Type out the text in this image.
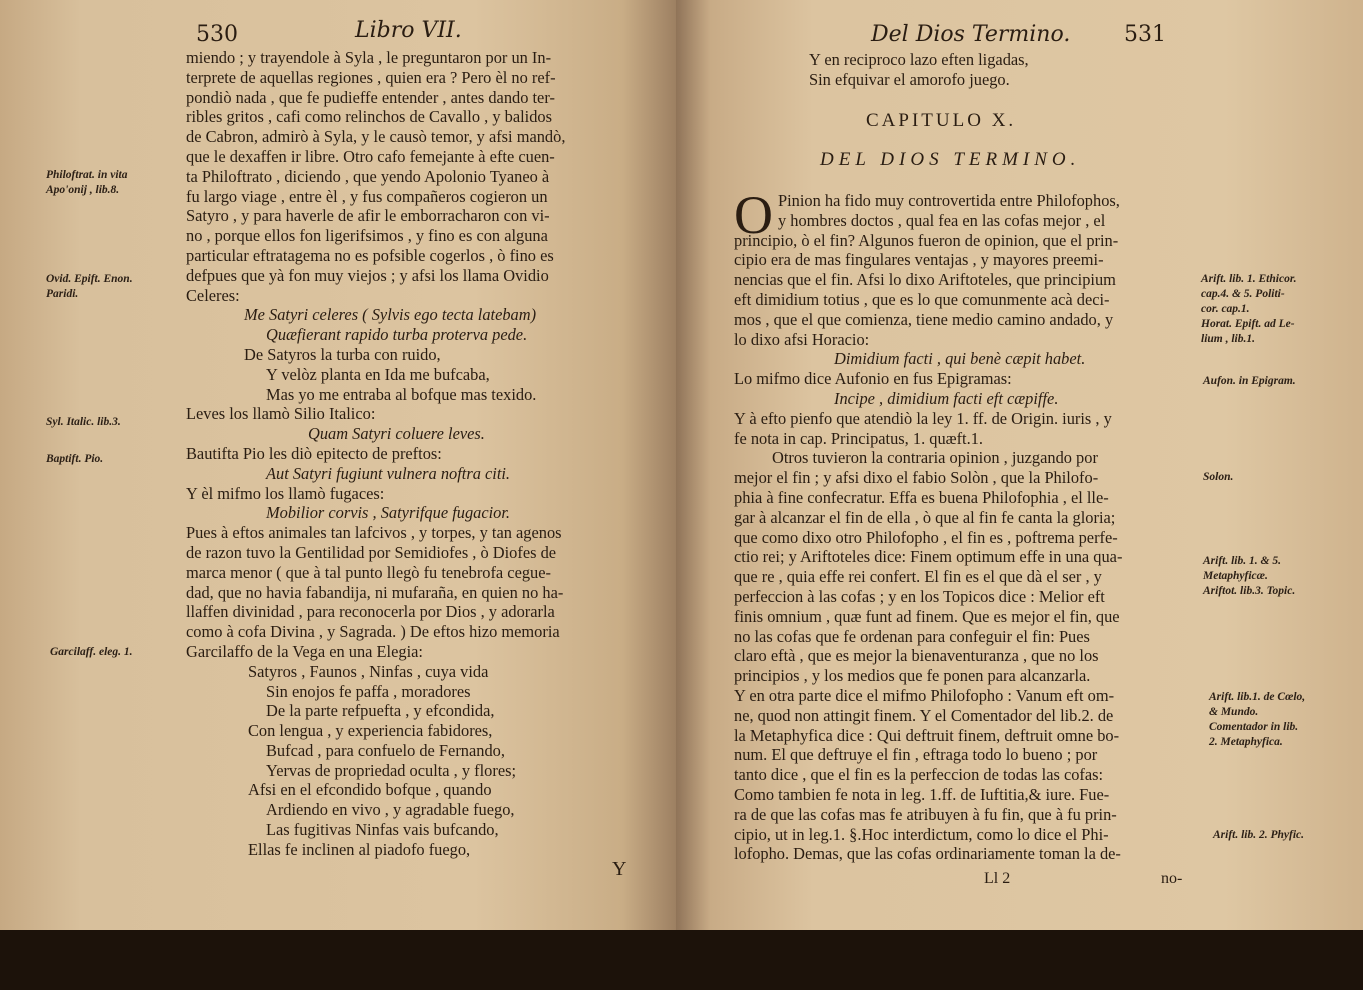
530	Libro VII.
miendo ; y trayendole à Syla , le preguntaron por un In-
terprete de aquellas regiones , quien era ? Pero èl no ref-
pondiò nada , que fe pudieffe entender , antes dando ter-
ribles gritos , cafi como relinchos de Cavallo , y balidos
de Cabron, admirò à Syla, y le causò temor, y afsi mandò,
que le dexaffen ir libre. Otro cafo femejante à efte cuen-
ta Philoftrato , diciendo , que yendo Apolonio Tyaneo à
fu largo viage , entre èl , y fus compañeros cogieron un
Satyro , y para haverle de afir le emborracharon con vi-
no , porque ellos fon ligerifsimos , y fino es con alguna
particular eftratagema no es pofsible cogerlos , ò fino es
defpues que yà fon muy viejos ; y afsi los llama Ovidio
Celeres:
Me Satyri celeres ( Sylvis ego tecta latebam)
Quæfierant rapido turba proterva pede.
De Satyros la turba con ruido,
Y velòz planta en Ida me bufcaba,
Mas yo me entraba al bofque mas texido.
Leves los llamò Silio Italico:
Quam Satyri coluere leves.
Bautifta Pio les diò epitecto de preftos:
Aut Satyri fugiunt vulnera noftra citi.
Y èl mifmo los llamò fugaces:
Mobilior corvis , Satyrifque fugacior.
Pues à eftos animales tan lafcivos , y torpes, y tan agenos
de razon tuvo la Gentilidad por Semidiofes , ò Diofes de
marca menor ( que à tal punto llegò fu tenebrofa cegue-
dad, que no havia fabandija, ni mufaraña, en quien no ha-
llaffen divinidad , para reconocerla por Dios , y adorarla
como à cofa Divina , y Sagrada. ) De eftos hizo memoria
Garcilaffo de la Vega en una Elegia:
Satyros , Faunos , Ninfas , cuya vida
Sin enojos fe paffa , moradores
De la parte refpuefta , y efcondida,
Con lengua , y experiencia fabidores,
Bufcad , para confuelo de Fernando,
Yervas de propriedad oculta , y flores;
Afsi en el efcondido bofque , quando
Ardiendo en vivo , y agradable fuego,
Las fugitivas Ninfas vais bufcando,
Ellas fe inclinen al piadofo fuego,
Philoftrat. in vita
Apo'onij , lib.8.
Ovid. Epift. Enon.
Paridi.
Syl. Italic. lib.3.
Baptift. Pio.
Garcilaff. eleg. 1.
Y
Del Dios Termino. 531
Y en reciproco lazo eften ligadas,
Sin efquivar el amorofo juego.
CAPITULO X.
DEL DIOS TERMINO.
O Pinion ha fido muy controvertida entre Philofophos,
y hombres doctos , qual fea en las cofas mejor , el
principio, ò el fin? Algunos fueron de opinion, que el prin-
cipio era de mas fingulares ventajas , y mayores preemi-
nencias que el fin. Afsi lo dixo Ariftoteles, que principium
eft dimidium totius , que es lo que comunmente acà deci-
mos , que el que comienza, tiene medio camino andado, y
lo dixo afsi Horacio:
Dimidium facti , qui benè cæpit habet.
Lo mifmo dice Aufonio en fus Epigramas:
Incipe , dimidium facti eft cæpiffe.
Y à efto pienfo que atendiò la ley 1. ff. de Origin. iuris , y
fe nota in cap. Principatus, 1. quæft.1.
Otros tuvieron la contraria opinion , juzgando por
mejor el fin ; y afsi dixo el fabio Solòn , que la Philofo-
phia à fine confecratur. Effa es buena Philofophia , el lle-
gar à alcanzar el fin de ella , ò que al fin fe canta la gloria;
que como dixo otro Philofopho , el fin es , poftrema perfe-
ctio rei; y Ariftoteles dice: Finem optimum effe in una qua-
que re , quia effe rei confert. El fin es el que dà el ser , y
perfeccion à las cofas ; y en los Topicos dice : Melior eft
finis omnium , quæ funt ad finem. Que es mejor el fin, que
no las cofas que fe ordenan para confeguir el fin: Pues
claro eftà , que es mejor la bienaventuranza , que no los
principios , y los medios que fe ponen para alcanzarla.
Y en otra parte dice el mifmo Philofopho : Vanum eft om-
ne, quod non attingit finem. Y el Comentador del lib.2. de
la Metaphyfica dice : Qui deftruit finem, deftruit omne bo-
num. El que deftruye el fin , eftraga todo lo bueno ; por
tanto dice , que el fin es la perfeccion de todas las cofas:
Como tambien fe nota in leg. 1.ff. de Iuftitia,& iure. Fue-
ra de que las cofas mas fe atribuyen à fu fin, que à fu prin-
cipio, ut in leg.1. §.Hoc interdictum, como lo dice el Phi-
lofopho. Demas, que las cofas ordinariamente toman la de-
Arift. lib. 1. Ethicor.
cap.4. & 5. Politi-
cor. cap.1.
Horat. Epift. ad Le-
lium , lib.1.
Aufon. in Epigram.
Solon.
Arift. lib. 1. & 5.
Metaphyficæ.
Ariftot. lib.3. Topic.
Arift. lib.1. de Cœlo,
& Mundo.
Comentador in lib.
2. Metaphyfica.
Arift. lib. 2. Phyfic.
Ll 2	no-
